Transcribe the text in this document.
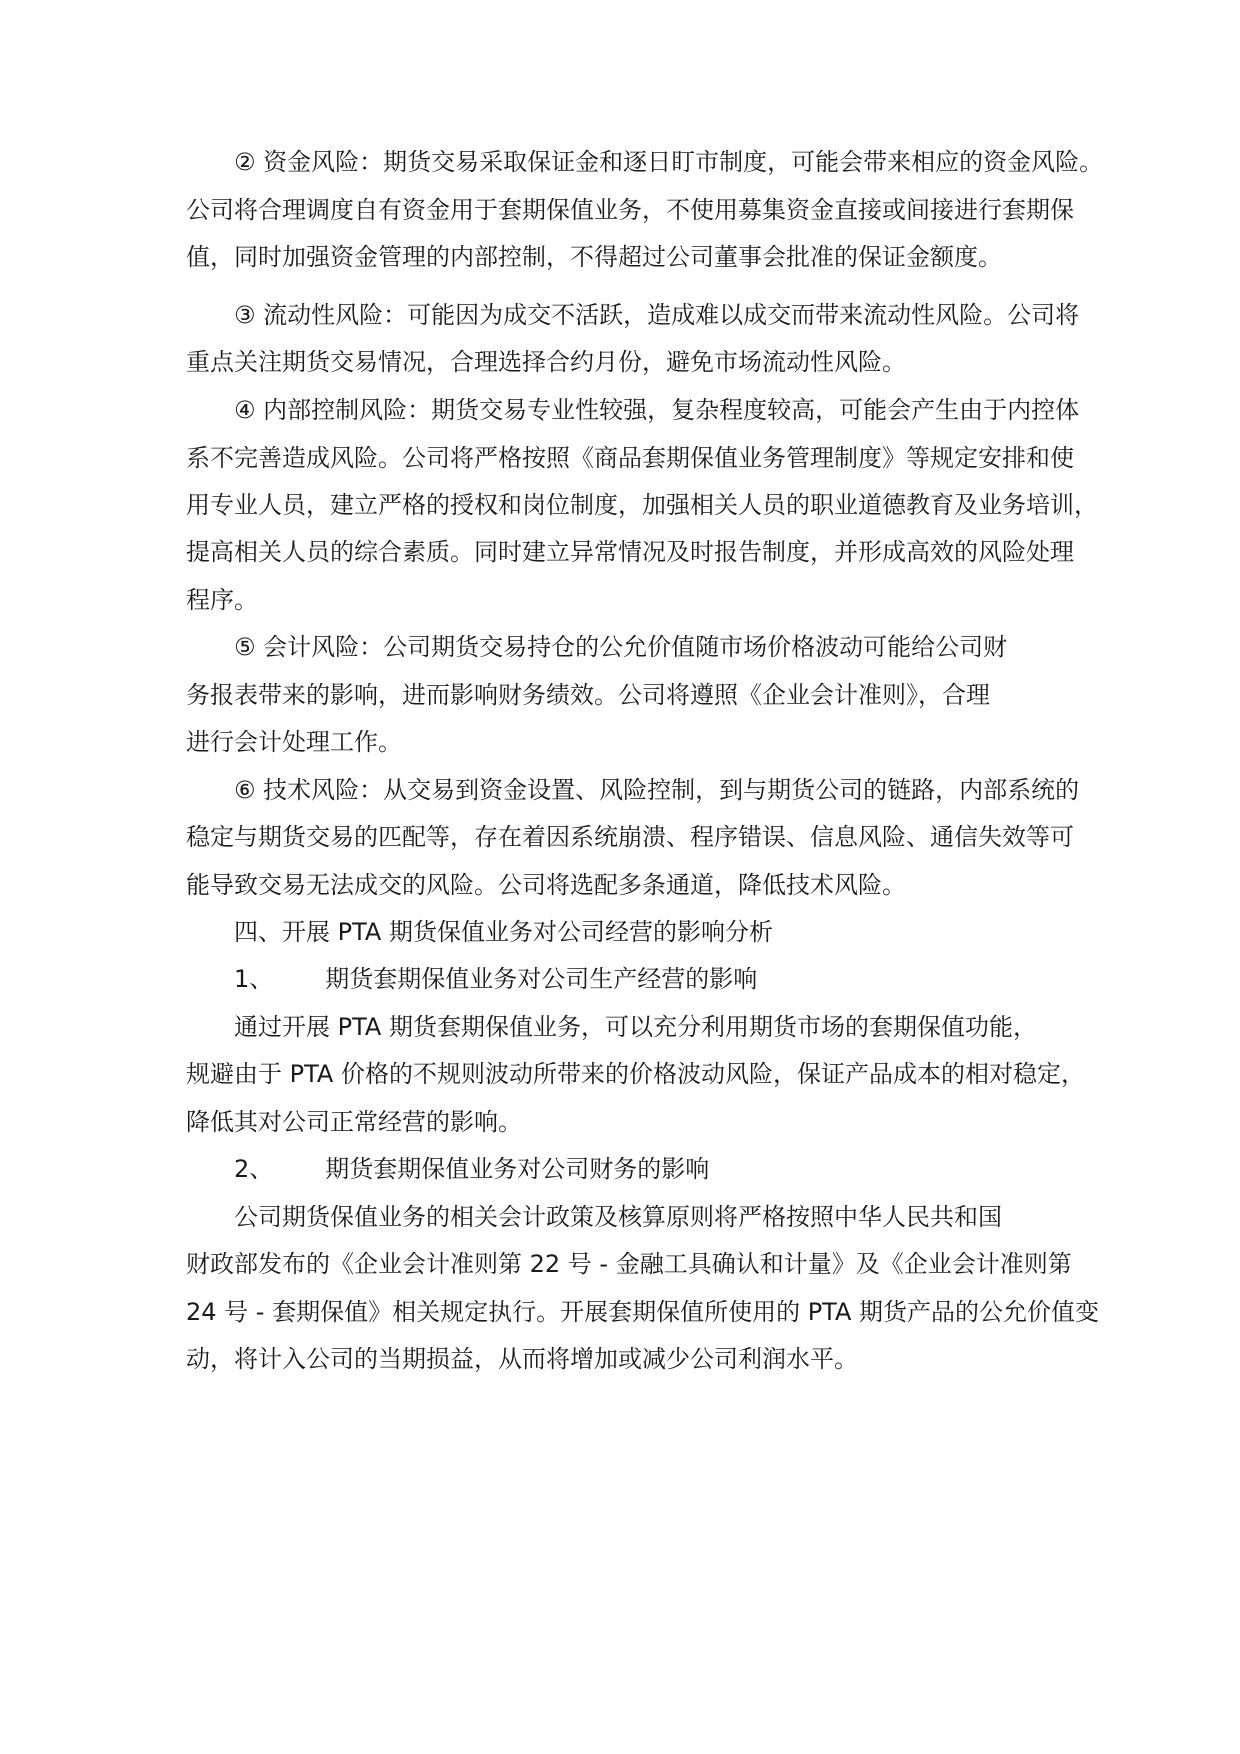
② 资金风险：期货交易采取保证金和逐日盯市制度，可能会带来相应的资金风险。
公司将合理调度自有资金用于套期保值业务，不使用募集资金直接或间接进行套期保
值，同时加强资金管理的内部控制，不得超过公司董事会批准的保证金额度。
③ 流动性风险：可能因为成交不活跃，造成难以成交而带来流动性风险。公司将
重点关注期货交易情况，合理选择合约月份，避免市场流动性风险。
④ 内部控制风险：期货交易专业性较强，复杂程度较高，可能会产生由于内控体
系不完善造成风险。公司将严格按照《商品套期保值业务管理制度》等规定安排和使
用专业人员，建立严格的授权和岗位制度，加强相关人员的职业道德教育及业务培训，
提高相关人员的综合素质。同时建立异常情况及时报告制度，并形成高效的风险处理
程序。
⑤ 会计风险：公司期货交易持仓的公允价值随市场价格波动可能给公司财
务报表带来的影响，进而影响财务绩效。公司将遵照《企业会计准则》，合理
进行会计处理工作。
⑥ 技术风险：从交易到资金设置、风险控制，到与期货公司的链路，内部系统的
稳定与期货交易的匹配等，存在着因系统崩溃、程序错误、信息风险、通信失效等可
能导致交易无法成交的风险。公司将选配多条通道，降低技术风险。
四、开展 PTA 期货保值业务对公司经营的影响分析
1、 期货套期保值业务对公司生产经营的影响
通过开展 PTA 期货套期保值业务，可以充分利用期货市场的套期保值功能，
规避由于 PTA 价格的不规则波动所带来的价格波动风险，保证产品成本的相对稳定，
降低其对公司正常经营的影响。
2、 期货套期保值业务对公司财务的影响
公司期货保值业务的相关会计政策及核算原则将严格按照中华人民共和国
财政部发布的《企业会计准则第 22 号 - 金融工具确认和计量》及《企业会计准则第
24 号 - 套期保值》相关规定执行。开展套期保值所使用的 PTA 期货产品的公允价值变
动，将计入公司的当期损益，从而将增加或减少公司利润水平。
